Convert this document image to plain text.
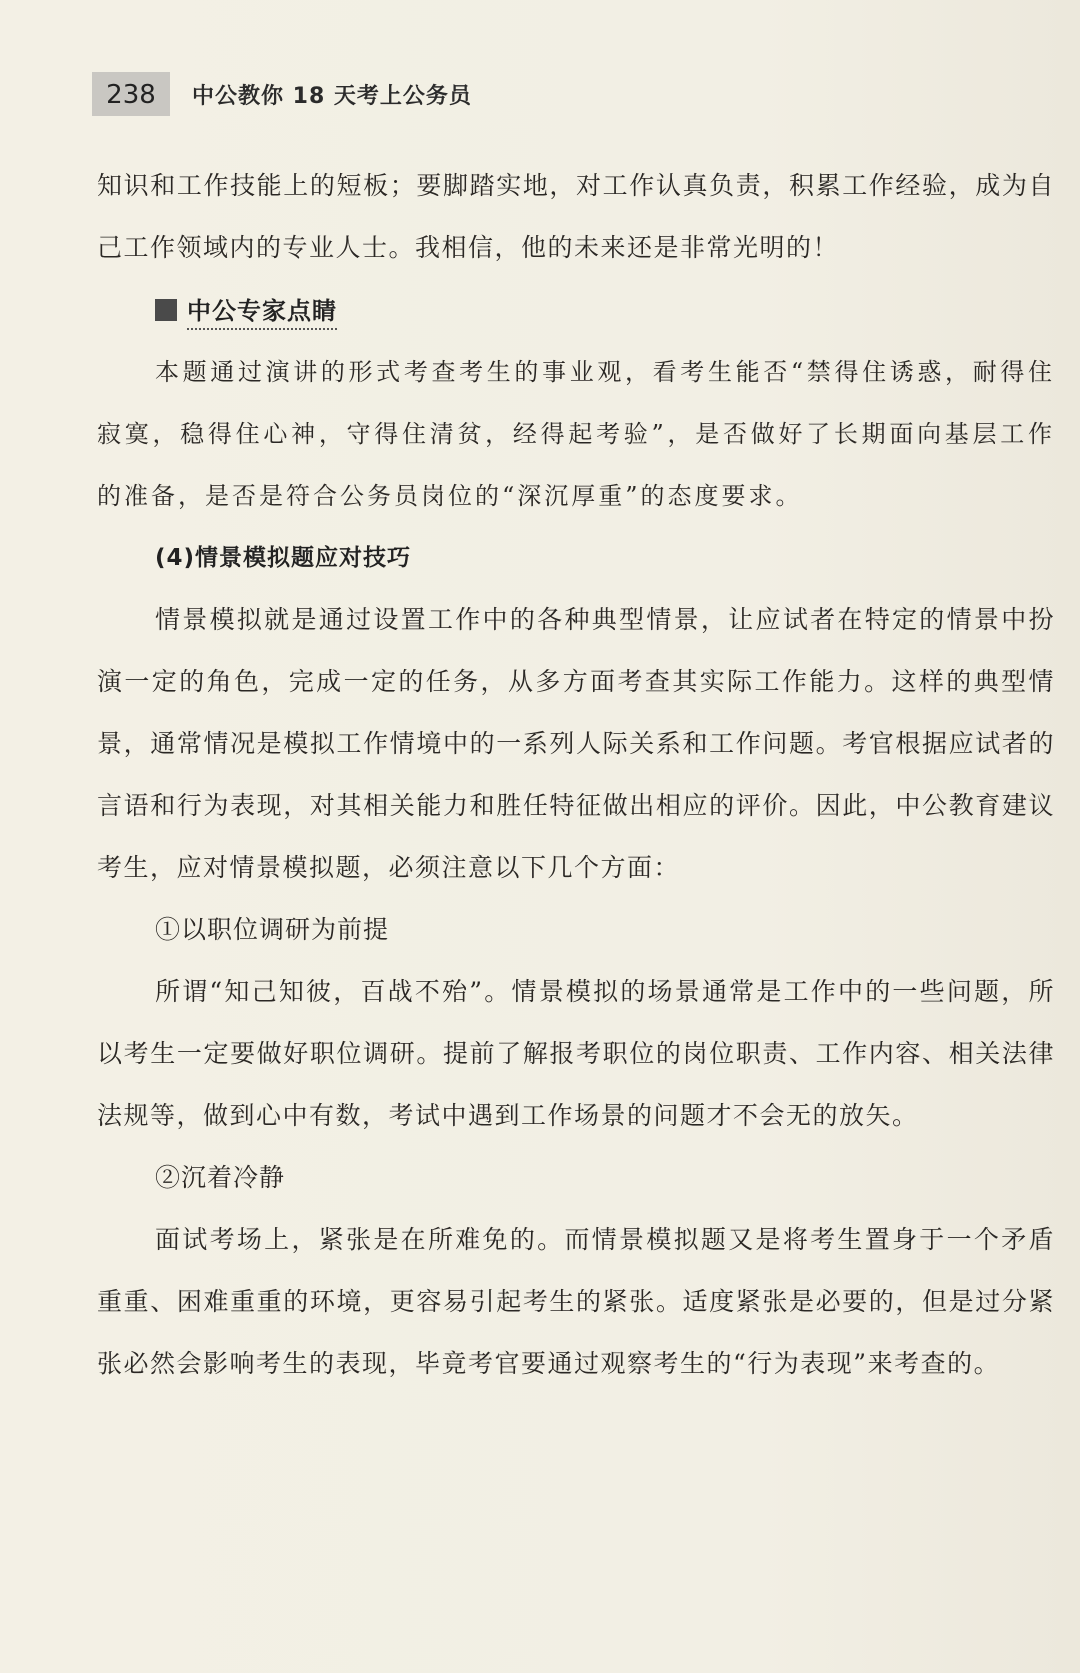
238	中公教你 18 天考上公务员

知识和工作技能上的短板；要脚踏实地，对工作认真负责，积累工作经验，成为自己工作领域内的专业人士。我相信，他的未来还是非常光明的！

中公专家点睛

本题通过演讲的形式考查考生的事业观，看考生能否“禁得住诱惑，耐得住寂寞，稳得住心神，守得住清贫，经得起考验”，是否做好了长期面向基层工作的准备，是否是符合公务员岗位的“深沉厚重”的态度要求。

(4)情景模拟题应对技巧

情景模拟就是通过设置工作中的各种典型情景，让应试者在特定的情景中扮演一定的角色，完成一定的任务，从多方面考查其实际工作能力。这样的典型情景，通常情况是模拟工作情境中的一系列人际关系和工作问题。考官根据应试者的言语和行为表现，对其相关能力和胜任特征做出相应的评价。因此，中公教育建议考生，应对情景模拟题，必须注意以下几个方面：

①以职位调研为前提

所谓“知己知彼，百战不殆”。情景模拟的场景通常是工作中的一些问题，所以考生一定要做好职位调研。提前了解报考职位的岗位职责、工作内容、相关法律法规等，做到心中有数，考试中遇到工作场景的问题才不会无的放矢。

②沉着冷静

面试考场上，紧张是在所难免的。而情景模拟题又是将考生置身于一个矛盾重重、困难重重的环境，更容易引起考生的紧张。适度紧张是必要的，但是过分紧张必然会影响考生的表现，毕竟考官要通过观察考生的“行为表现”来考查的。
